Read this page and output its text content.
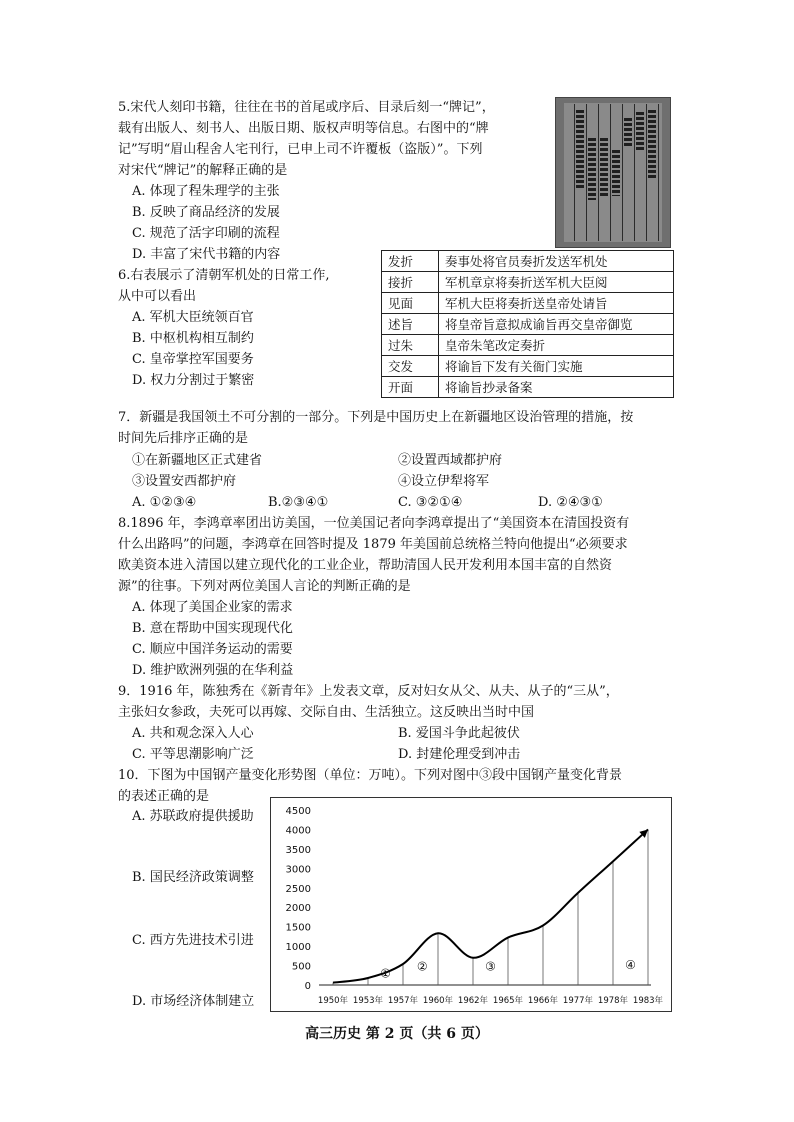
5.宋代人刻印书籍，往往在书的首尾或序后、目录后刻一“牌记”，
载有出版人、刻书人、出版日期、版权声明等信息。右图中的“牌
记”写明“眉山程舍人宅刊行，已申上司不许覆板（盗版）”。下列
对宋代“牌记”的解释正确的是
A. 体现了程朱理学的主张
B. 反映了商品经济的发展
C. 规范了活字印刷的流程
D. 丰富了宋代书籍的内容
6.右表展示了清朝军机处的日常工作,
从中可以看出
A. 军机大臣统领百官
B. 中枢机构相互制约
C. 皇帝掌控军国要务
D. 权力分割过于繁密
发折	奏事处将官员奏折发送军机处
接折	军机章京将奏折送军机大臣阅
见面	军机大臣将奏折送皇帝处请旨
述旨	将皇帝旨意拟成谕旨再交皇帝御览
过朱	皇帝朱笔改定奏折
交发	将谕旨下发有关衙门实施
开面	将谕旨抄录备案
7．新疆是我国领土不可分割的一部分。下列是中国历史上在新疆地区设治管理的措施，按
时间先后排序正确的是
①在新疆地区正式建省	②设置西域都护府
③设置安西都护府	④设立伊犁将军
A. ①②③④	B.②③④①	C. ③②①④	D. ②④③①
8.1896 年，李鸿章率团出访美国，一位美国记者向李鸿章提出了“美国资本在清国投资有
什么出路吗”的问题，李鸿章在回答时提及 1879 年美国前总统格兰特向他提出“必须要求
欧美资本进入清国以建立现代化的工业企业，帮助清国人民开发利用本国丰富的自然资
源”的往事。下列对两位美国人言论的判断正确的是
A. 体现了美国企业家的需求
B. 意在帮助中国实现现代化
C. 顺应中国洋务运动的需要
D. 维护欧洲列强的在华利益
9．1916 年，陈独秀在《新青年》上发表文章，反对妇女从父、从夫、从子的“三从”，
主张妇女参政，夫死可以再嫁、交际自由、生活独立。这反映出当时中国
A. 共和观念深入人心	B. 爱国斗争此起彼伏
C. 平等思潮影响广泛	D. 封建伦理受到冲击
10．下图为中国钢产量变化形势图（单位：万吨）。下列对图中③段中国钢产量变化背景
的表述正确的是
A. 苏联政府提供援助
B. 国民经济政策调整
C. 西方先进技术引进
D. 市场经济体制建立
0
500
1000
1500
2000
2500
3000
3500
4000
4500
1950年 1953年 1957年 1960年 1962年 1965年 1966年 1977年 1978年 1983年
① ②	③	④
高三历史 第 2 页（共 6 页）
